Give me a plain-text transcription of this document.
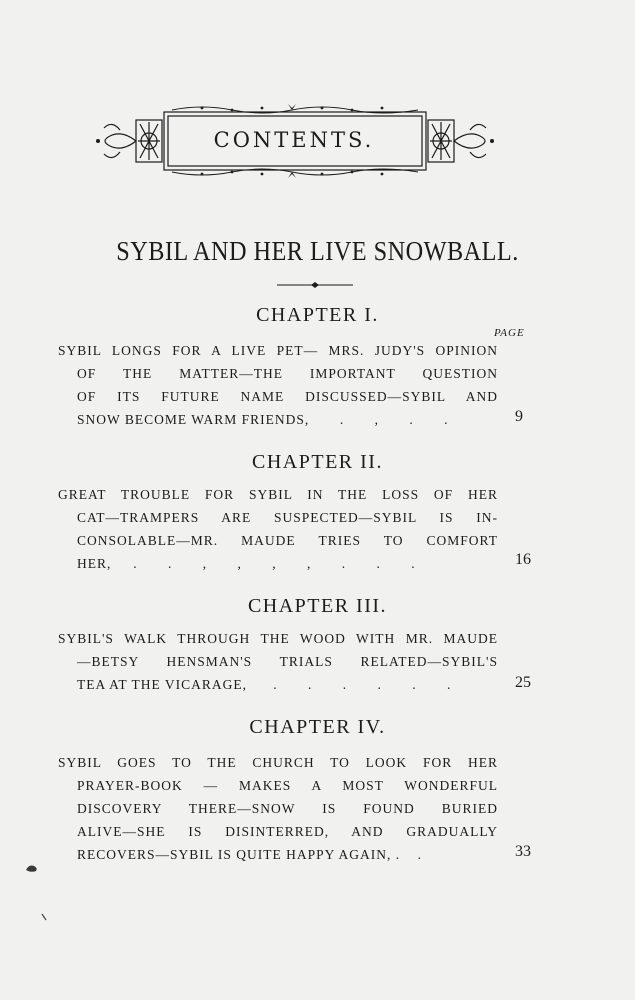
CONTENTS.
SYBIL AND HER LIVE SNOWBALL.
CHAPTER I.
PAGE
SYBIL LONGS FOR A LIVE PET— MRS. JUDY'S OPINION
OF THE MATTER—THE IMPORTANT QUESTION
OF ITS FUTURE NAME DISCUSSED—SYBIL AND
SNOW BECOME WARM FRIENDS, . , . .	9
CHAPTER II.
GREAT TROUBLE FOR SYBIL IN THE LOSS OF HER
CAT—TRAMPERS ARE SUSPECTED—SYBIL IS IN-
CONSOLABLE—MR. MAUDE TRIES TO COMFORT
HER, . . , , , , . . .	16
CHAPTER III.
SYBIL'S WALK THROUGH THE WOOD WITH MR. MAUDE
—BETSY HENSMAN'S TRIALS RELATED—SYBIL'S
TEA AT THE VICARAGE, . . . . . .	25
CHAPTER IV.
SYBIL GOES TO THE CHURCH TO LOOK FOR HER
PRAYER-BOOK — MAKES A MOST WONDERFUL
DISCOVERY THERE—SNOW IS FOUND BURIED
ALIVE—SHE IS DISINTERRED, AND GRADUALLY
RECOVERS—SYBIL IS QUITE HAPPY AGAIN, . .	33
